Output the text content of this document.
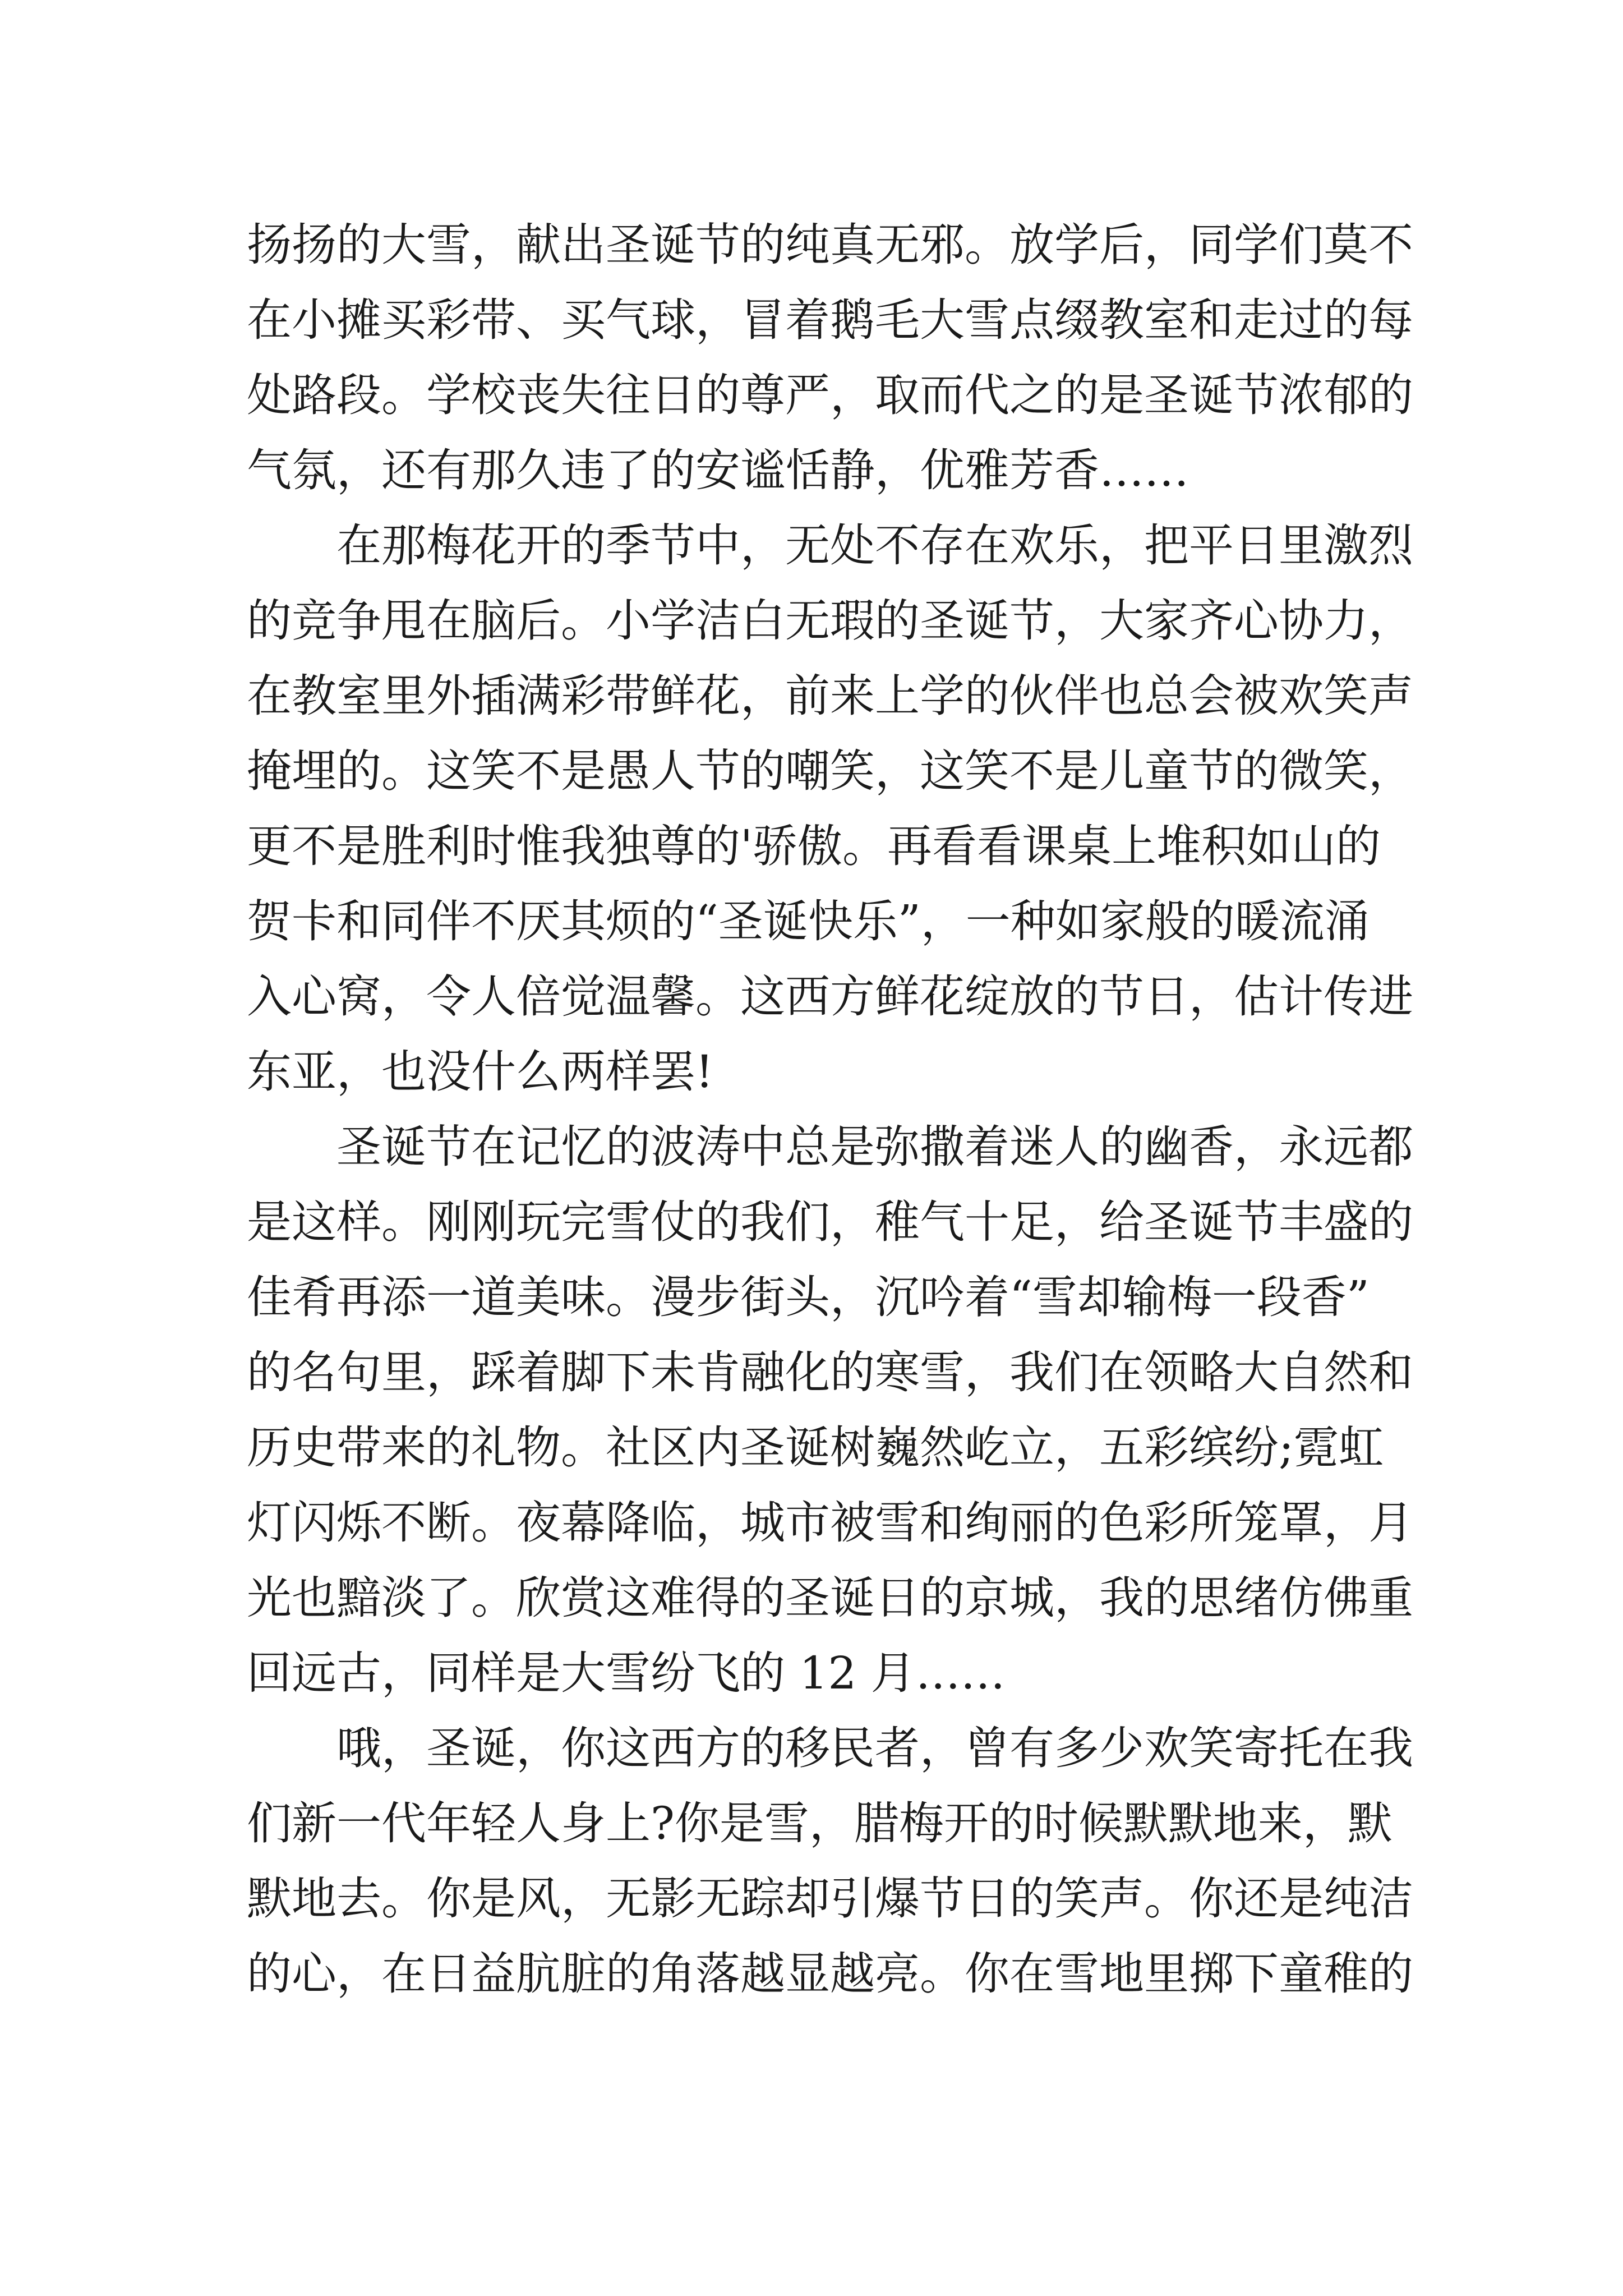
扬扬的大雪，献出圣诞节的纯真无邪。放学后，同学们莫不
在小摊买彩带、买气球，冒着鹅毛大雪点缀教室和走过的每
处路段。学校丧失往日的尊严，取而代之的是圣诞节浓郁的
气氛，还有那久违了的安谧恬静，优雅芳香……
在那梅花开的季节中，无处不存在欢乐，把平日里激烈
的竞争甩在脑后。小学洁白无瑕的圣诞节，大家齐心协力，
在教室里外插满彩带鲜花，前来上学的伙伴也总会被欢笑声
掩埋的。这笑不是愚人节的嘲笑，这笑不是儿童节的微笑，
更不是胜利时惟我独尊的'骄傲。再看看课桌上堆积如山的
贺卡和同伴不厌其烦的“圣诞快乐”，一种如家般的暖流涌
入心窝，令人倍觉温馨。这西方鲜花绽放的节日，估计传进
东亚，也没什么两样罢!
圣诞节在记忆的波涛中总是弥撒着迷人的幽香，永远都
是这样。刚刚玩完雪仗的我们，稚气十足，给圣诞节丰盛的
佳肴再添一道美味。漫步街头，沉吟着“雪却输梅一段香”
的名句里，踩着脚下未肯融化的寒雪，我们在领略大自然和
历史带来的礼物。社区内圣诞树巍然屹立，五彩缤纷;霓虹
灯闪烁不断。夜幕降临，城市被雪和绚丽的色彩所笼罩，月
光也黯淡了。欣赏这难得的圣诞日的京城，我的思绪仿佛重
回远古，同样是大雪纷飞的 12 月……
哦，圣诞，你这西方的移民者，曾有多少欢笑寄托在我
们新一代年轻人身上?你是雪，腊梅开的时候默默地来，默
默地去。你是风，无影无踪却引爆节日的笑声。你还是纯洁
的心，在日益肮脏的角落越显越亮。你在雪地里掷下童稚的
